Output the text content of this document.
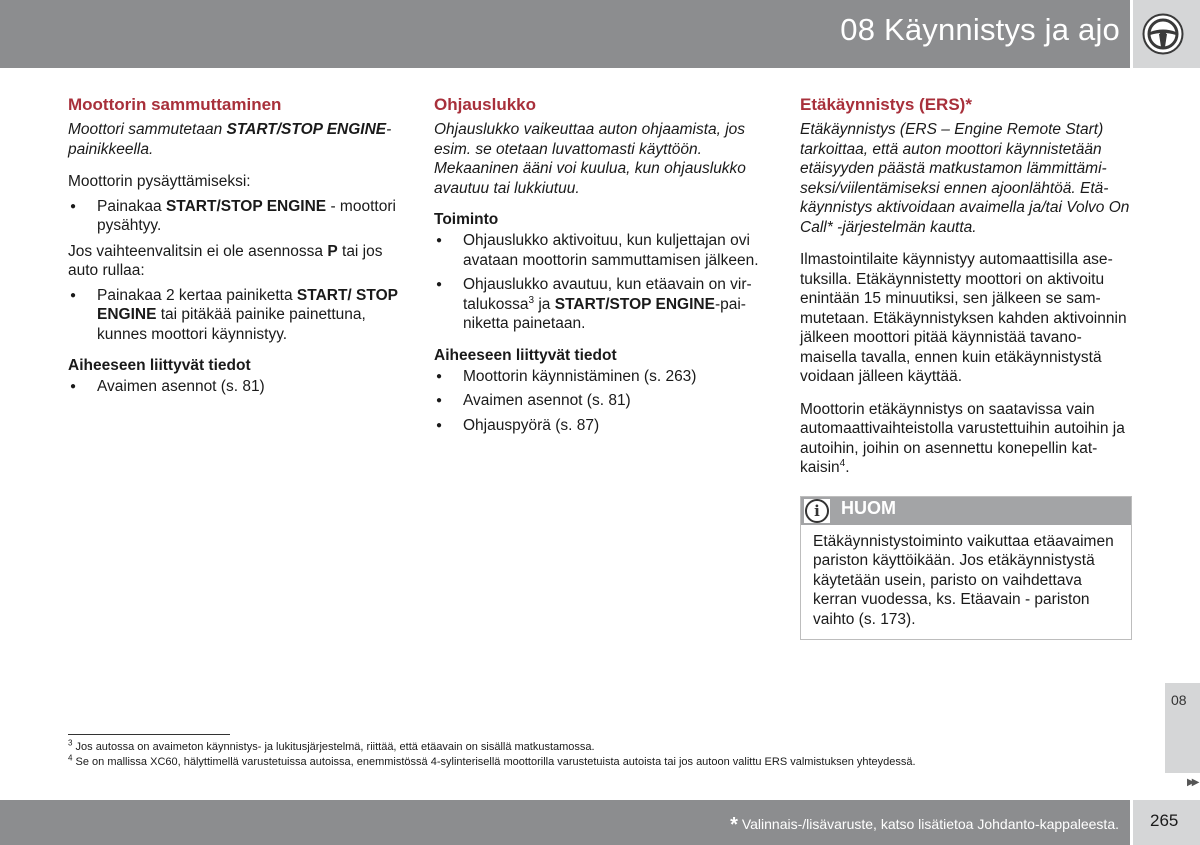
08 Käynnistys ja ajo
Moottorin sammuttaminen

Moottori sammutetaan START/STOP ENGINE-painikkeella.

Moottorin pysäyttämiseksi:

● Painakaa START/STOP ENGINE - moottori pysähtyy.

Jos vaihteenvalitsin ei ole asennossa P tai jos auto rullaa:

● Painakaa 2 kertaa painiketta START/ STOP ENGINE tai pitäkää painike painettuna, kunnes moottori käynnistyy.
Aiheeseen liittyvät tiedot
● Avaimen asennot (s. 81)
Ohjauslukko

Ohjauslukko vaikeuttaa auton ohjaamista, jos esim. se otetaan luvattomasti käyttöön. Mekaaninen ääni voi kuulua, kun ohjauslukko avautuu tai lukkiutuu.

Toiminto
● Ohjauslukko aktivoituu, kun kuljettajan ovi avataan moottorin sammuttamisen jälkeen.
● Ohjauslukko avautuu, kun etäavain on virtalukossa$^3$ ja START/STOP ENGINE-painiketta painetaan.
Aiheeseen liittyvät tiedot
● Moottorin käynnistäminen (s. 263)
● Avaimen asennot (s. 81)
● Ohjauspyörä (s. 87)
Etäkäynnistys (ERS)*

Etäkäynnistys (ERS – Engine Remote Start) tarkoittaa, että auton moottori käynnistetään etäisyyden päästä matkustamon lämmittämiseksi/viilentämiseksi ennen ajoonlähtöä. Etäkäynnistys aktivoidaan avaimella ja/tai Volvo On Call* -järjestelmän kautta.

Ilmastointilaite käynnistyy automaattisilla asetuksilla. Etäkäynnistetty moottori on aktivoitu enintään 15 minuutiksi, sen jälkeen se sammutetaan. Etäkäynnistyksen kahden aktivoinnin jälkeen moottori pitää käynnistää tavanomaisella tavalla, ennen kuin etäkäynnistystä voidaan jälleen käyttää.

Moottorin etäkäynnistys on saatavissa vain automaattivaihteistolla varustettuihin autoihin ja autoihin, joihin on asennettu konepellin katkaisin$^4$.

i	HUOM
Etäkäynnistystoiminto vaikuttaa etäavaimen pariston käyttöikään. Jos etäkäynnistystä käytetään usein, paristo on vaihdettava kerran vuodessa, ks. Etäavain - pariston vaihto (s. 173).
$^3$ Jos autossa on avaimeton käynnistys- ja lukitusjärjestelmä, riittää, että etäavain on sisällä matkustamossa.
$^4$ Se on mallissa XC60, hälyttimellä varustetuissa autoissa, enemmistössä 4-sylinterisellä moottorilla varustetuista autoista tai jos autoon valittu ERS valmistuksen yhteydessä.
08
▶▶
* Valinnais-/lisävaruste, katso lisätietoa Johdanto-kappaleesta. 265
